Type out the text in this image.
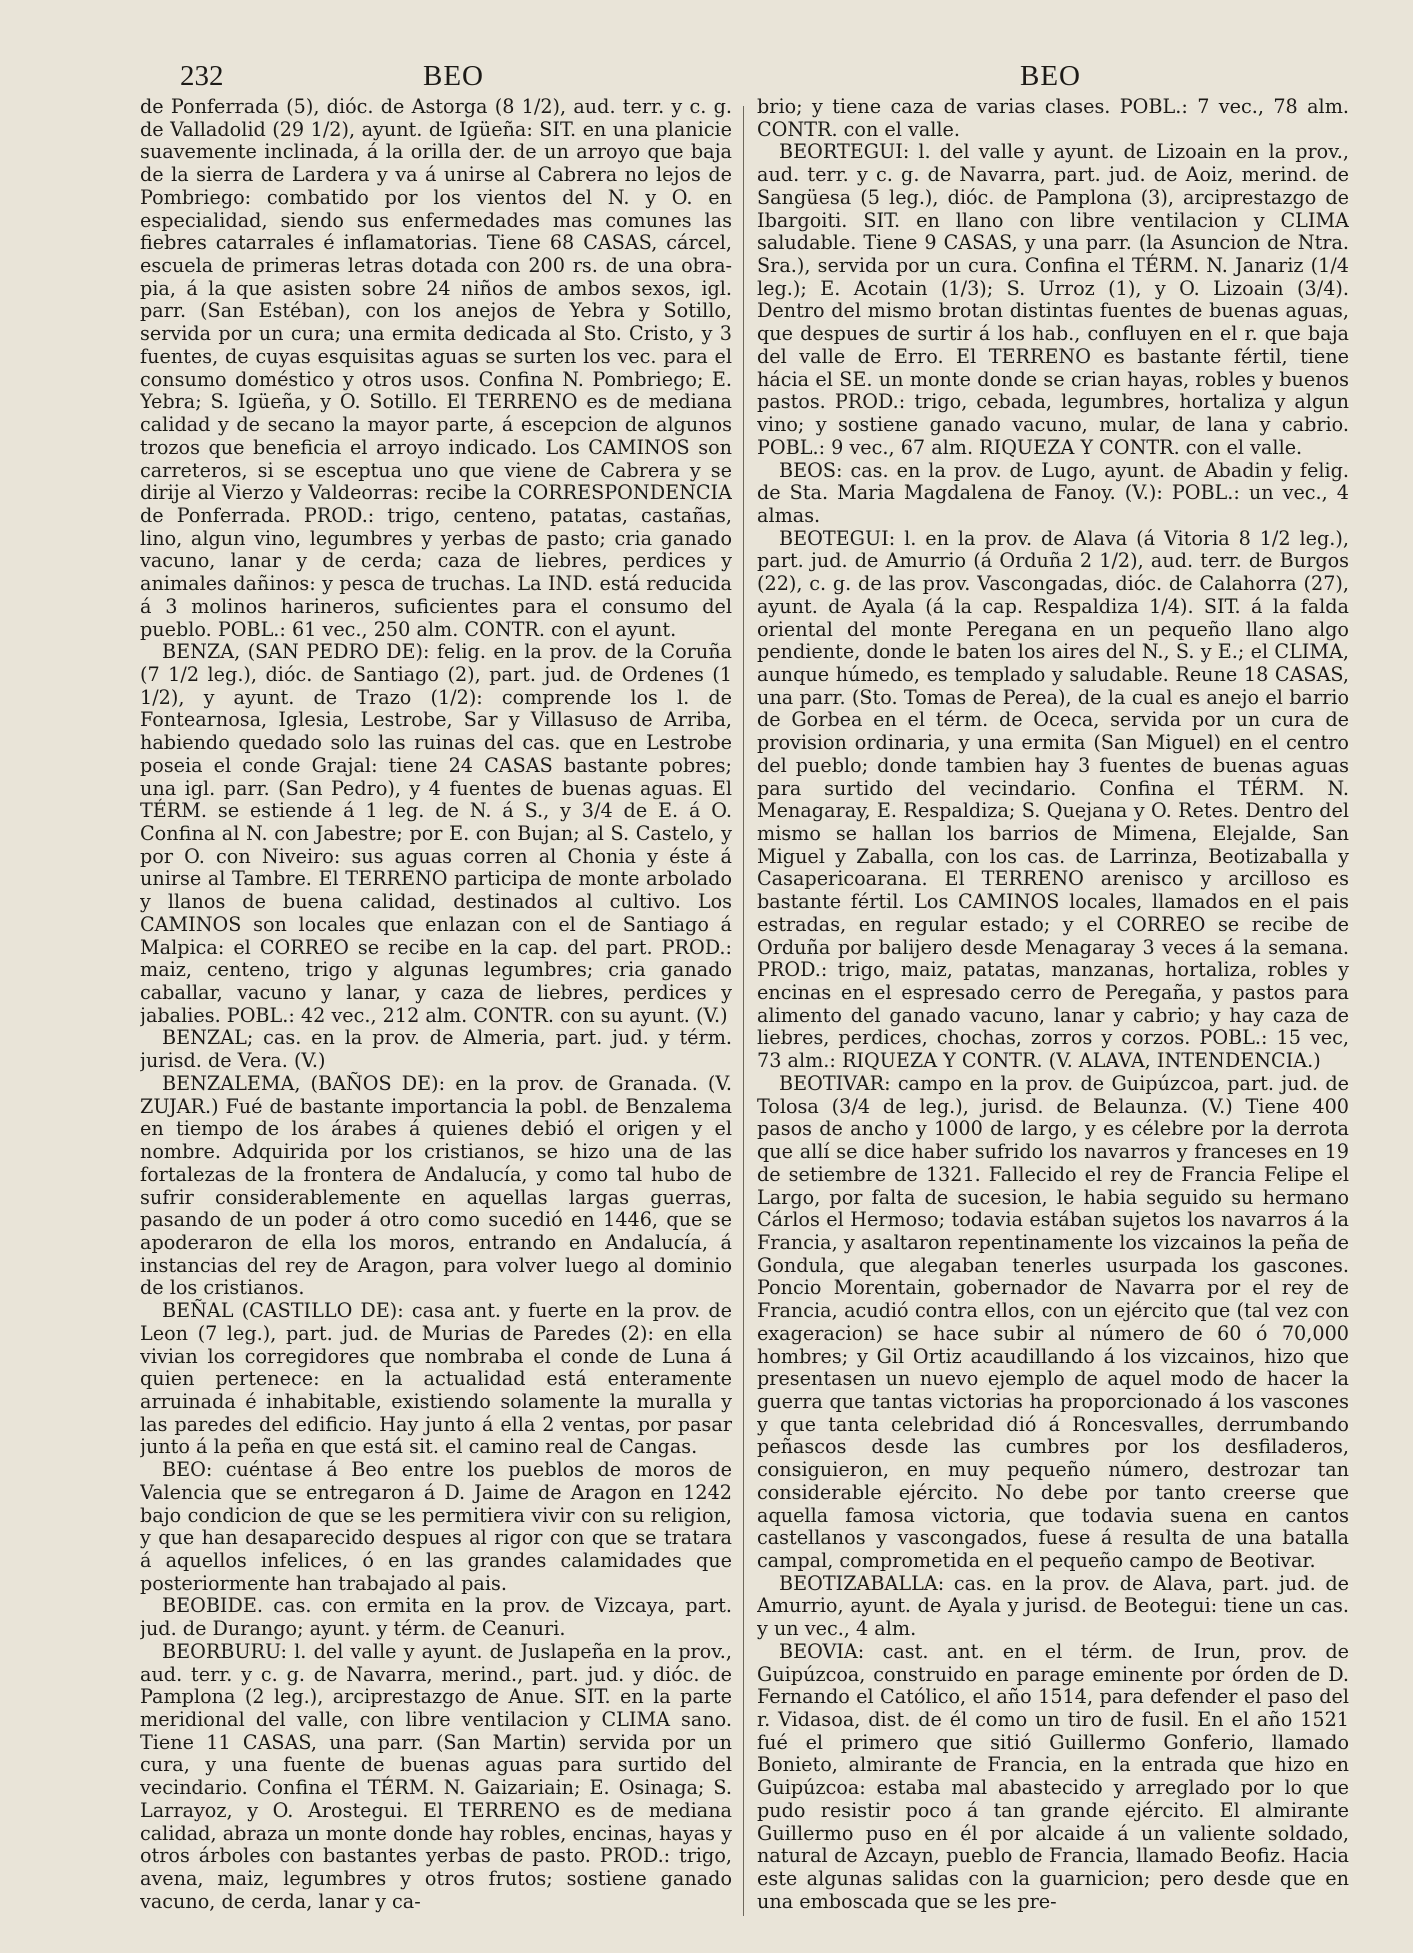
232	BEO	BEO

de Ponferrada (5), dióc. de Astorga (8 1/2), aud. terr. y c. g. de Valladolid (29 1/2), ayunt. de Igüeña: SIT. en una planicie suavemente inclinada, á la orilla der. de un arroyo que baja de la sierra de Lardera y va á unirse al Cabrera no lejos de Pombriego: combatido por los vientos del N. y O. en especialidad, siendo sus enfermedades mas comunes las fiebres catarrales é inflamatorias. Tiene 68 CASAS, cárcel, escuela de primeras letras dotada con 200 rs. de una obra-pia, á la que asisten sobre 24 niños de ambos sexos, igl. parr. (San Estéban), con los anejos de Yebra y Sotillo, servida por un cura; una ermita dedicada al Sto. Cristo, y 3 fuentes, de cuyas esquisitas aguas se surten los vec. para el consumo doméstico y otros usos. Confina N. Pombriego; E. Yebra; S. Igüeña, y O. Sotillo. El TERRENO es de mediana calidad y de secano la mayor parte, á escepcion de algunos trozos que beneficia el arroyo indicado. Los CAMINOS son carreteros, si se esceptua uno que viene de Cabrera y se dirije al Vierzo y Valdeorras: recibe la CORRESPONDENCIA de Ponferrada. PROD.: trigo, centeno, patatas, castañas, lino, algun vino, legumbres y yerbas de pasto; cria ganado vacuno, lanar y de cerda; caza de liebres, perdices y animales dañinos: y pesca de truchas. La IND. está reducida á 3 molinos harineros, suficientes para el consumo del pueblo. POBL.: 61 vec., 250 alm. CONTR. con el ayunt.

BENZA, (SAN PEDRO DE): felig. en la prov. de la Coruña (7 1/2 leg.), dióc. de Santiago (2), part. jud. de Ordenes (1 1/2), y ayunt. de Trazo (1/2): comprende los l. de Fontearnosa, Iglesia, Lestrobe, Sar y Villasuso de Arriba, habiendo quedado solo las ruinas del cas. que en Lestrobe poseia el conde Grajal: tiene 24 CASAS bastante pobres; una igl. parr. (San Pedro), y 4 fuentes de buenas aguas. El TÉRM. se estiende á 1 leg. de N. á S., y 3/4 de E. á O. Confina al N. con Jabestre; por E. con Bujan; al S. Castelo, y por O. con Niveiro: sus aguas corren al Chonia y éste á unirse al Tambre. El TERRENO participa de monte arbolado y llanos de buena calidad, destinados al cultivo. Los CAMINOS son locales que enlazan con el de Santiago á Malpica: el CORREO se recibe en la cap. del part. PROD.: maiz, centeno, trigo y algunas legumbres; cria ganado caballar, vacuno y lanar, y caza de liebres, perdices y jabalies. POBL.: 42 vec., 212 alm. CONTR. con su ayunt. (V.)

BENZAL; cas. en la prov. de Almeria, part. jud. y térm. jurisd. de Vera. (V.)

BENZALEMA, (BAÑOS DE): en la prov. de Granada. (V. ZUJAR.) Fué de bastante importancia la pobl. de Benzalema en tiempo de los árabes á quienes debió el origen y el nombre. Adquirida por los cristianos, se hizo una de las fortalezas de la frontera de Andalucía, y como tal hubo de sufrir considerablemente en aquellas largas guerras, pasando de un poder á otro como sucedió en 1446, que se apoderaron de ella los moros, entrando en Andalucía, á instancias del rey de Aragon, para volver luego al dominio de los cristianos.

BEÑAL (CASTILLO DE): casa ant. y fuerte en la prov. de Leon (7 leg.), part. jud. de Murias de Paredes (2): en ella vivian los corregidores que nombraba el conde de Luna á quien pertenece: en la actualidad está enteramente arruinada é inhabitable, existiendo solamente la muralla y las paredes del edificio. Hay junto á ella 2 ventas, por pasar junto á la peña en que está sit. el camino real de Cangas.

BEO: cuéntase á Beo entre los pueblos de moros de Valencia que se entregaron á D. Jaime de Aragon en 1242 bajo condicion de que se les permitiera vivir con su religion, y que han desaparecido despues al rigor con que se tratara á aquellos infelices, ó en las grandes calamidades que posteriormente han trabajado al pais.

BEOBIDE. cas. con ermita en la prov. de Vizcaya, part. jud. de Durango; ayunt. y térm. de Ceanuri.

BEORBURU: l. del valle y ayunt. de Juslapeña en la prov., aud. terr. y c. g. de Navarra, merind., part. jud. y dióc. de Pamplona (2 leg.), arciprestazgo de Anue. SIT. en la parte meridional del valle, con libre ventilacion y CLIMA sano. Tiene 11 CASAS, una parr. (San Martin) servida por un cura, y una fuente de buenas aguas para surtido del vecindario. Confina el TÉRM. N. Gaizariain; E. Osinaga; S. Larrayoz, y O. Arostegui. El TERRENO es de mediana calidad, abraza un monte donde hay robles, encinas, hayas y otros árboles con bastantes yerbas de pasto. PROD.: trigo, avena, maiz, legumbres y otros frutos; sostiene ganado vacuno, de cerda, lanar y ca-

brio; y tiene caza de varias clases. POBL.: 7 vec., 78 alm. CONTR. con el valle.

BEORTEGUI: l. del valle y ayunt. de Lizoain en la prov., aud. terr. y c. g. de Navarra, part. jud. de Aoiz, merind. de Sangüesa (5 leg.), dióc. de Pamplona (3), arciprestazgo de Ibargoiti. SIT. en llano con libre ventilacion y CLIMA saludable. Tiene 9 CASAS, y una parr. (la Asuncion de Ntra. Sra.), servida por un cura. Confina el TÉRM. N. Janariz (1/4 leg.); E. Acotain (1/3); S. Urroz (1), y O. Lizoain (3/4). Dentro del mismo brotan distintas fuentes de buenas aguas, que despues de surtir á los hab., confluyen en el r. que baja del valle de Erro. El TERRENO es bastante fértil, tiene hácia el SE. un monte donde se crian hayas, robles y buenos pastos. PROD.: trigo, cebada, legumbres, hortaliza y algun vino; y sostiene ganado vacuno, mular, de lana y cabrio. POBL.: 9 vec., 67 alm. RIQUEZA Y CONTR. con el valle.

BEOS: cas. en la prov. de Lugo, ayunt. de Abadin y felig. de Sta. Maria Magdalena de Fanoy. (V.): POBL.: un vec., 4 almas.

BEOTEGUI: l. en la prov. de Alava (á Vitoria 8 1/2 leg.), part. jud. de Amurrio (á Orduña 2 1/2), aud. terr. de Burgos (22), c. g. de las prov. Vascongadas, dióc. de Calahorra (27), ayunt. de Ayala (á la cap. Respaldiza 1/4). SIT. á la falda oriental del monte Peregana en un pequeño llano algo pendiente, donde le baten los aires del N., S. y E.; el CLIMA, aunque húmedo, es templado y saludable. Reune 18 CASAS, una parr. (Sto. Tomas de Perea), de la cual es anejo el barrio de Gorbea en el térm. de Oceca, servida por un cura de provision ordinaria, y una ermita (San Miguel) en el centro del pueblo; donde tambien hay 3 fuentes de buenas aguas para surtido del vecindario. Confina el TÉRM. N. Menagaray, E. Respaldiza; S. Quejana y O. Retes. Dentro del mismo se hallan los barrios de Mimena, Elejalde, San Miguel y Zaballa, con los cas. de Larrinza, Beotizaballa y Casapericoarana. El TERRENO arenisco y arcilloso es bastante fértil. Los CAMINOS locales, llamados en el pais estradas, en regular estado; y el CORREO se recibe de Orduña por balijero desde Menagaray 3 veces á la semana. PROD.: trigo, maiz, patatas, manzanas, hortaliza, robles y encinas en el espresado cerro de Peregaña, y pastos para alimento del ganado vacuno, lanar y cabrio; y hay caza de liebres, perdices, chochas, zorros y corzos. POBL.: 15 vec, 73 alm.: RIQUEZA Y CONTR. (V. ALAVA, INTENDENCIA.)

BEOTIVAR: campo en la prov. de Guipúzcoa, part. jud. de Tolosa (3/4 de leg.), jurisd. de Belaunza. (V.) Tiene 400 pasos de ancho y 1000 de largo, y es célebre por la derrota que allí se dice haber sufrido los navarros y franceses en 19 de setiembre de 1321. Fallecido el rey de Francia Felipe el Largo, por falta de sucesion, le habia seguido su hermano Cárlos el Hermoso; todavia estában sujetos los navarros á la Francia, y asaltaron repentinamente los vizcainos la peña de Gondula, que alegaban tenerles usurpada los gascones. Poncio Morentain, gobernador de Navarra por el rey de Francia, acudió contra ellos, con un ejército que (tal vez con exageracion) se hace subir al número de 60 ó 70,000 hombres; y Gil Ortiz acaudillando á los vizcainos, hizo que presentasen un nuevo ejemplo de aquel modo de hacer la guerra que tantas victorias ha proporcionado á los vascones y que tanta celebridad dió á Roncesvalles, derrumbando peñascos desde las cumbres por los desfiladeros, consiguieron, en muy pequeño número, destrozar tan considerable ejército. No debe por tanto creerse que aquella famosa victoria, que todavia suena en cantos castellanos y vascongados, fuese á resulta de una batalla campal, comprometida en el pequeño campo de Beotivar.

BEOTIZABALLA: cas. en la prov. de Alava, part. jud. de Amurrio, ayunt. de Ayala y jurisd. de Beotegui: tiene un cas. y un vec., 4 alm.

BEOVIA: cast. ant. en el térm. de Irun, prov. de Guipúzcoa, construido en parage eminente por órden de D. Fernando el Católico, el año 1514, para defender el paso del r. Vidasoa, dist. de él como un tiro de fusil. En el año 1521 fué el primero que sitió Guillermo Gonferio, llamado Bonieto, almirante de Francia, en la entrada que hizo en Guipúzcoa: estaba mal abastecido y arreglado por lo que pudo resistir poco á tan grande ejército. El almirante Guillermo puso en él por alcaide á un valiente soldado, natural de Azcayn, pueblo de Francia, llamado Beofiz. Hacia este algunas salidas con la guarnicion; pero desde que en una emboscada que se les pre-
